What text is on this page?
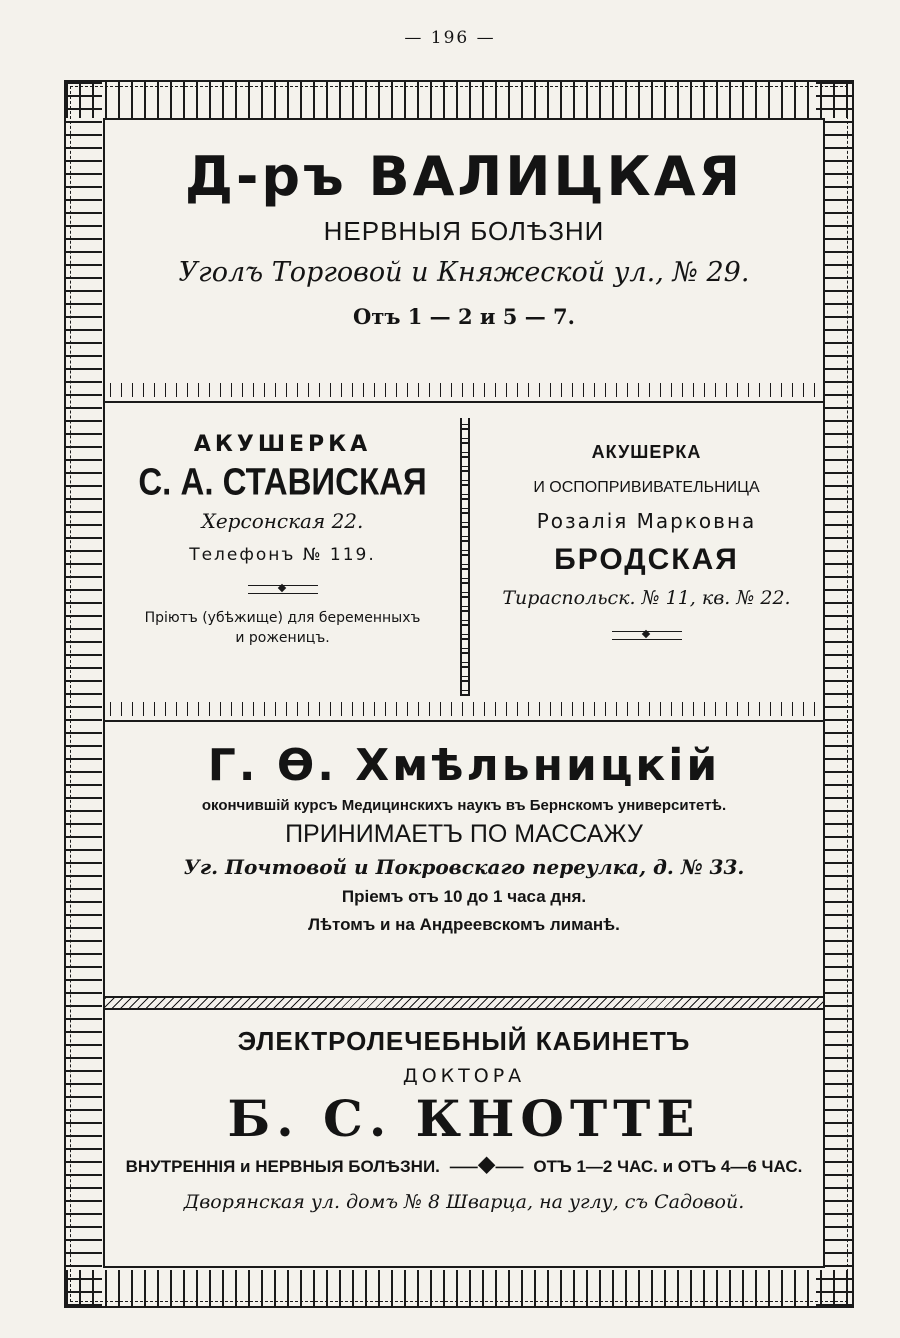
— 196 —
Д-ръ ВАЛИЦКАЯ
НЕРВНЫЯ БОЛѢЗНИ
Уголъ Торговой и Княжеской ул., № 29.
Отъ 1 — 2 и 5 — 7.
АКУШЕРКА
С. А. СТАВИСКАЯ
Херсонская 22.
Телефонъ № 119.
Пріютъ (убѣжище) для беременныхъ
и роженицъ.
АКУШЕРКА
И ОСПОПРИВИВАТЕЛЬНИЦА
Розалія Марковна
БРОДСКАЯ
Тираспольск. № 11, кв. № 22.
Г. Ѳ. Хмѣльницкій
окончившій курсъ Медицинскихъ наукъ въ Бернскомъ университетѣ.
ПРИНИМАЕТЪ ПО МАССАЖУ
Уг. Почтовой и Покровскаго переулка, д. № 33.
Пріемъ отъ 10 до 1 часа дня.
Лѣтомъ и на Андреевскомъ лиманѣ.
ЭЛЕКТРОЛЕЧЕБНЫЙ КАБИНЕТЪ
ДОКТОРА
Б. С. КНОТТЕ
ВНУТРЕННІЯ и НЕРВНЫЯ БОЛѢЗНИ.  ⸺◆⸺  ОТЪ 1—2 ЧАС. и ОТЪ 4—6 ЧАС.
Дворянская ул. домъ № 8 Шварца, на углу, съ Садовой.
